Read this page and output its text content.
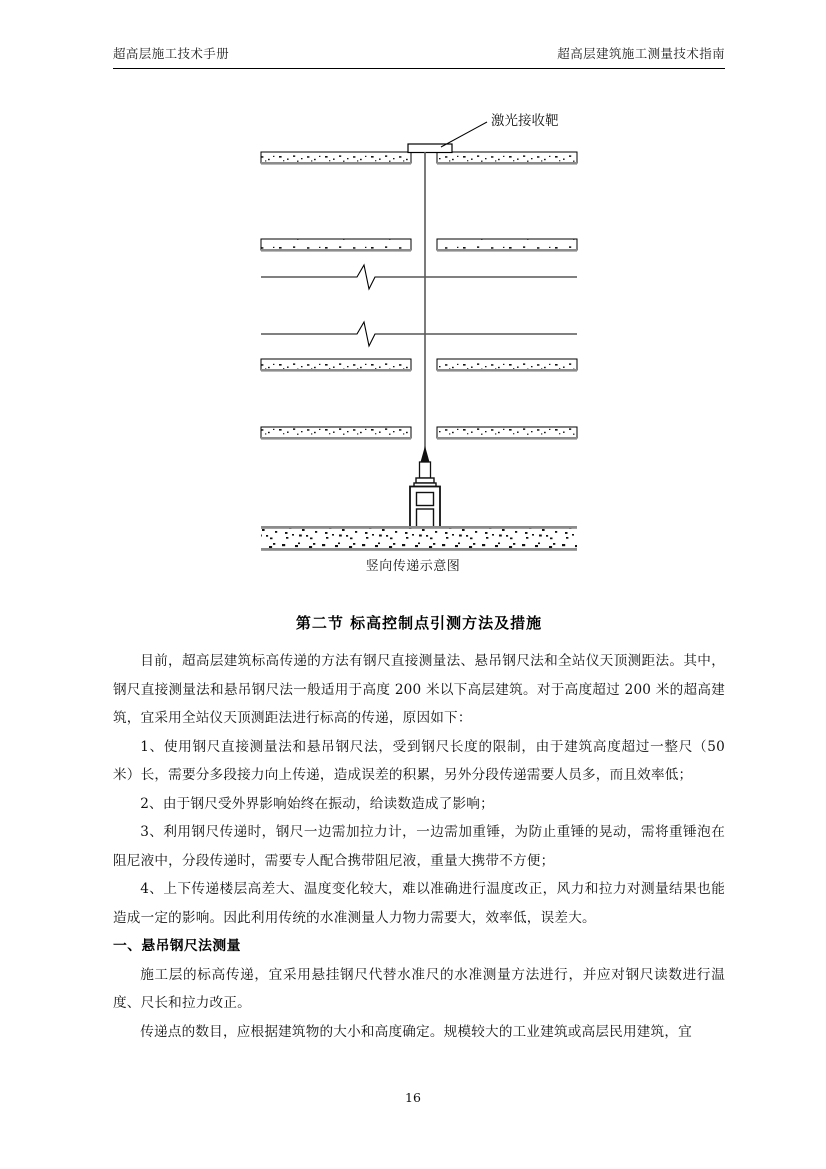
超高层施工技术手册	超高层建筑施工测量技术指南
激光接收靶
竖向传递示意图
第二节 标高控制点引测方法及措施

目前，超高层建筑标高传递的方法有钢尺直接测量法、悬吊钢尺法和全站仪天顶测距法。其中，钢尺直接测量法和悬吊钢尺法一般适用于高度 200 米以下高层建筑。对于高度超过 200 米的超高建筑，宜采用全站仪天顶测距法进行标高的传递，原因如下：

1、使用钢尺直接测量法和悬吊钢尺法，受到钢尺长度的限制，由于建筑高度超过一整尺（50 米）长，需要分多段接力向上传递，造成误差的积累，另外分段传递需要人员多，而且效率低；

2、由于钢尺受外界影响始终在振动，给读数造成了影响；

3、利用钢尺传递时，钢尺一边需加拉力计，一边需加重锤，为防止重锤的晃动，需将重锤泡在阻尼液中，分段传递时，需要专人配合携带阻尼液，重量大携带不方便；

4、上下传递楼层高差大、温度变化较大，难以准确进行温度改正，风力和拉力对测量结果也能造成一定的影响。因此利用传统的水准测量人力物力需要大，效率低，误差大。

一、悬吊钢尺法测量

施工层的标高传递，宜采用悬挂钢尺代替水准尺的水准测量方法进行，并应对钢尺读数进行温度、尺长和拉力改正。

传递点的数目，应根据建筑物的大小和高度确定。规模较大的工业建筑或高层民用建筑，宜

16
